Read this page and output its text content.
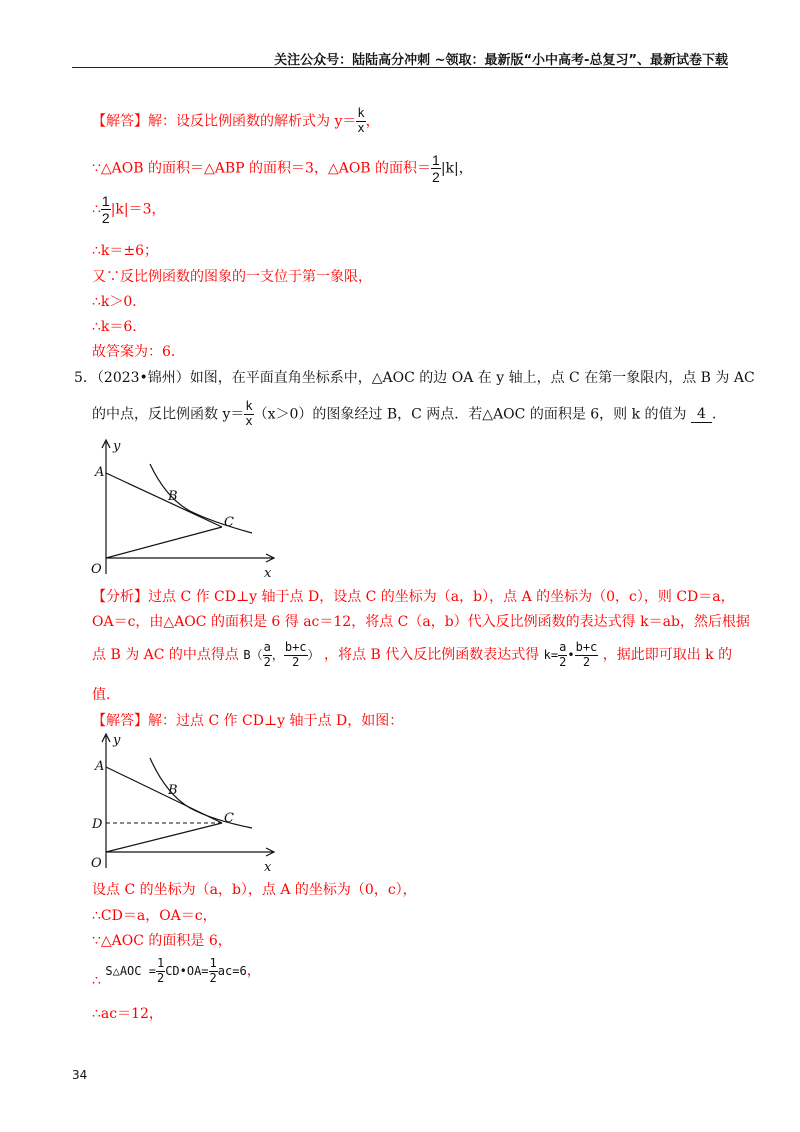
关注公众号：陆陆高分冲刺 ~领取：最新版“小中高考-总复习”、最新试卷下载
【解答】解：设反比例函数的解析式为 $y= \frac{k}{x}$ ，
∵△AOB 的面积＝△ABP 的面积＝3，△AOB 的面积＝ $\frac{1}{2} |k|$，
∴ $\frac{1}{2} |k|=3$，
∴k＝±6；
又∵反比例函数的图象的一支位于第一象限，
∴k＞0．
∴k＝6．
故答案为：6．
5．（2023•锦州）如图，在平面直角坐标系中，△AOC 的边 OA 在 y 轴上，点 C 在第一象限内，点 B 为 AC
的中点，反比例函数 $y= \frac{k}{x} (x>0)$的图象经过 B，C 两点．若△AOC 的面积是 6，则 k 的值为 4 ．
y
A
B
C
O	x
【分析】过点 C 作 CD⊥y 轴于点 D，设点 C 的坐标为（a，b），点 A 的坐标为（0，c），则 CD＝a，
OA＝c，由△AOC 的面积是 6 得 ac＝12，将点 C（a，b）代入反比例函数的表达式得 k＝ab，然后根据
点 B 为 AC 的中点得点 $B( \frac{a}{2}$ ， $\frac{b+c}{2}$ ） ，将点 B 代入反比例函数表达式得 $k= \frac{a}{2}$ • $\frac{b+c}{2}$ ，据此即可取出 k 的
值．
【解答】解：过点 C 作 CD⊥y 轴于点 D，如图：
y
A
B
C
D
O	x
设点 C 的坐标为（a，b），点 A 的坐标为（0，c），
∴CD＝a，OA＝c，
∵△AOC 的面积是 6，
∴ S△AOC = $\frac{1}{2}$ CD•OA= $\frac{1}{2} ac=6$，
∴ac＝12，
34
